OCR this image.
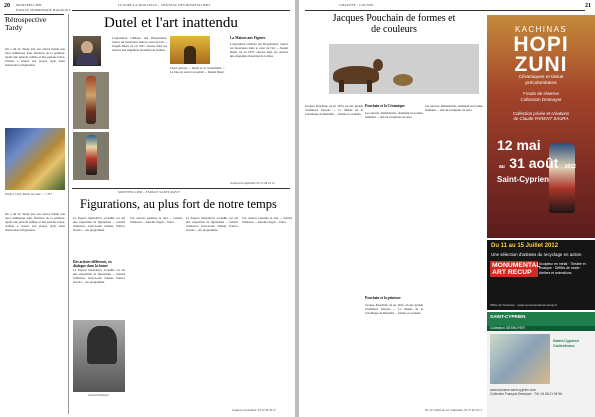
20 MONTPELLIER
ESPACE DOMINIQUE BAGOUET
Rétrospective Tardy
On a dit de Tardy que son œuvre faisait une trace lumineuse dans l'horizon de la peinture. Après une période cubiste et une période fauve, l'artiste a trouvé son propre style entre abstraction et figuration.
Tardy à Céret, Pablo sur toile ... © H.J.
On a dit de Tardy que son œuvre faisait une trace lumineuse dans l'horizon de la peinture. Après une période cubiste et une période fauve, l'artiste a trouvé son propre style entre abstraction et figuration.
LE PORT-LA-NOUVELLE - CHÂTEAU DES HOSPITALIERS
Dutel et l'art inattendu
L'exposition Château des Hospitaliers, trouve sur mouvance dans le cœur de l'art ... Joseph Dutel, né en 1937, expose dans ses œuvres une singulière invention de formes.
Leurs œuvres ... Dutel et le surréalisme ... Le Site est ouvert au public ... Daniel Dutel.
La Maison aux Figures
L'exposition Château des Hospitaliers, trouve sur mouvance dans le cœur de l'art ... Joseph Dutel, né en 1937, expose dans ses œuvres une singulière invention de formes.
Jusqu'au 8 septembre 04 72 48 44 12
MONTPELLIER - ESPACE SAINT-RAVY
Figurations, au plus fort de notre temps
La Espace Saint-Ravy accueille cet été une exposition de figurations ... Gérard Schlosser, Jean-Louis Jaudon, Patrice Giorda ... Au programme.
Des artistes différents, en dialogue dans la forme
La Espace Saint-Ravy accueille cet été une exposition de figurations ... Gérard Schlosser, Jean-Louis Jaudon, Patrice Giorda ... Au programme.
Gérard Schlosser
Ces œuvres présente le réel ... Gérard Schlosser ... Antonio Segui ... Paris.
La Espace Saint-Ravy accueille cet été une exposition de figurations ... Gérard Schlosser, Jean-Louis Jaudon, Patrice Giorda ... Au programme.
Ces œuvres présente le réel ... Gérard Schlosser ... Antonio Segui ... Paris.
Jusqu'au 29 octobre. 04 72 28 29 27
21
CHAUFFE - CAUSSE
Jacques Pouchain de formes et de couleurs
Jacques Pouchain, né en 1925, un des grands céramistes français ... Le Musée de la Céramique de Dieulefit ... formes et couleurs.
Pouchain et la Céramique
Les œuvres, élémentaires, dessinent les formes animales ... tant de sculptures de terre.
Pouchain et la peinture
Jacques Pouchain, né en 1925, un des grands céramistes français ... Le Musée de la Céramique de Dieulefit ... formes et couleurs.
Les œuvres, élémentaires, dessinent les formes animales ... tant de sculptures de terre.
Du 1er juillet au 1er septembre. 04 75 46 10 11
KACHINAS
HOPI
ZUNI
Céramiques et tissus
précolombiens
Fonds de réserve
Collection Desnoyer
Collection privée et créations
de Claude PARENT SAURA
12 mai
au 31 août 2012
Saint-Cyprien
Du 11 au 15 Juillet 2012
Une sélection d'artistes du recyclage en action
MONUMENTAL ART RECUP
Sculpteur en métal · Théâtre et musique · Défilés de mode · Ateliers et animations
Office de Tourisme · www.monumental-art-recup.fr
SAINT-CYPRIEN
Collection DESNOYER
Saint-Cyprien Collections
www.tourisme-saint-cyprien.com
Collection François Desnoyer · Tél. 04 68 21 06 96
